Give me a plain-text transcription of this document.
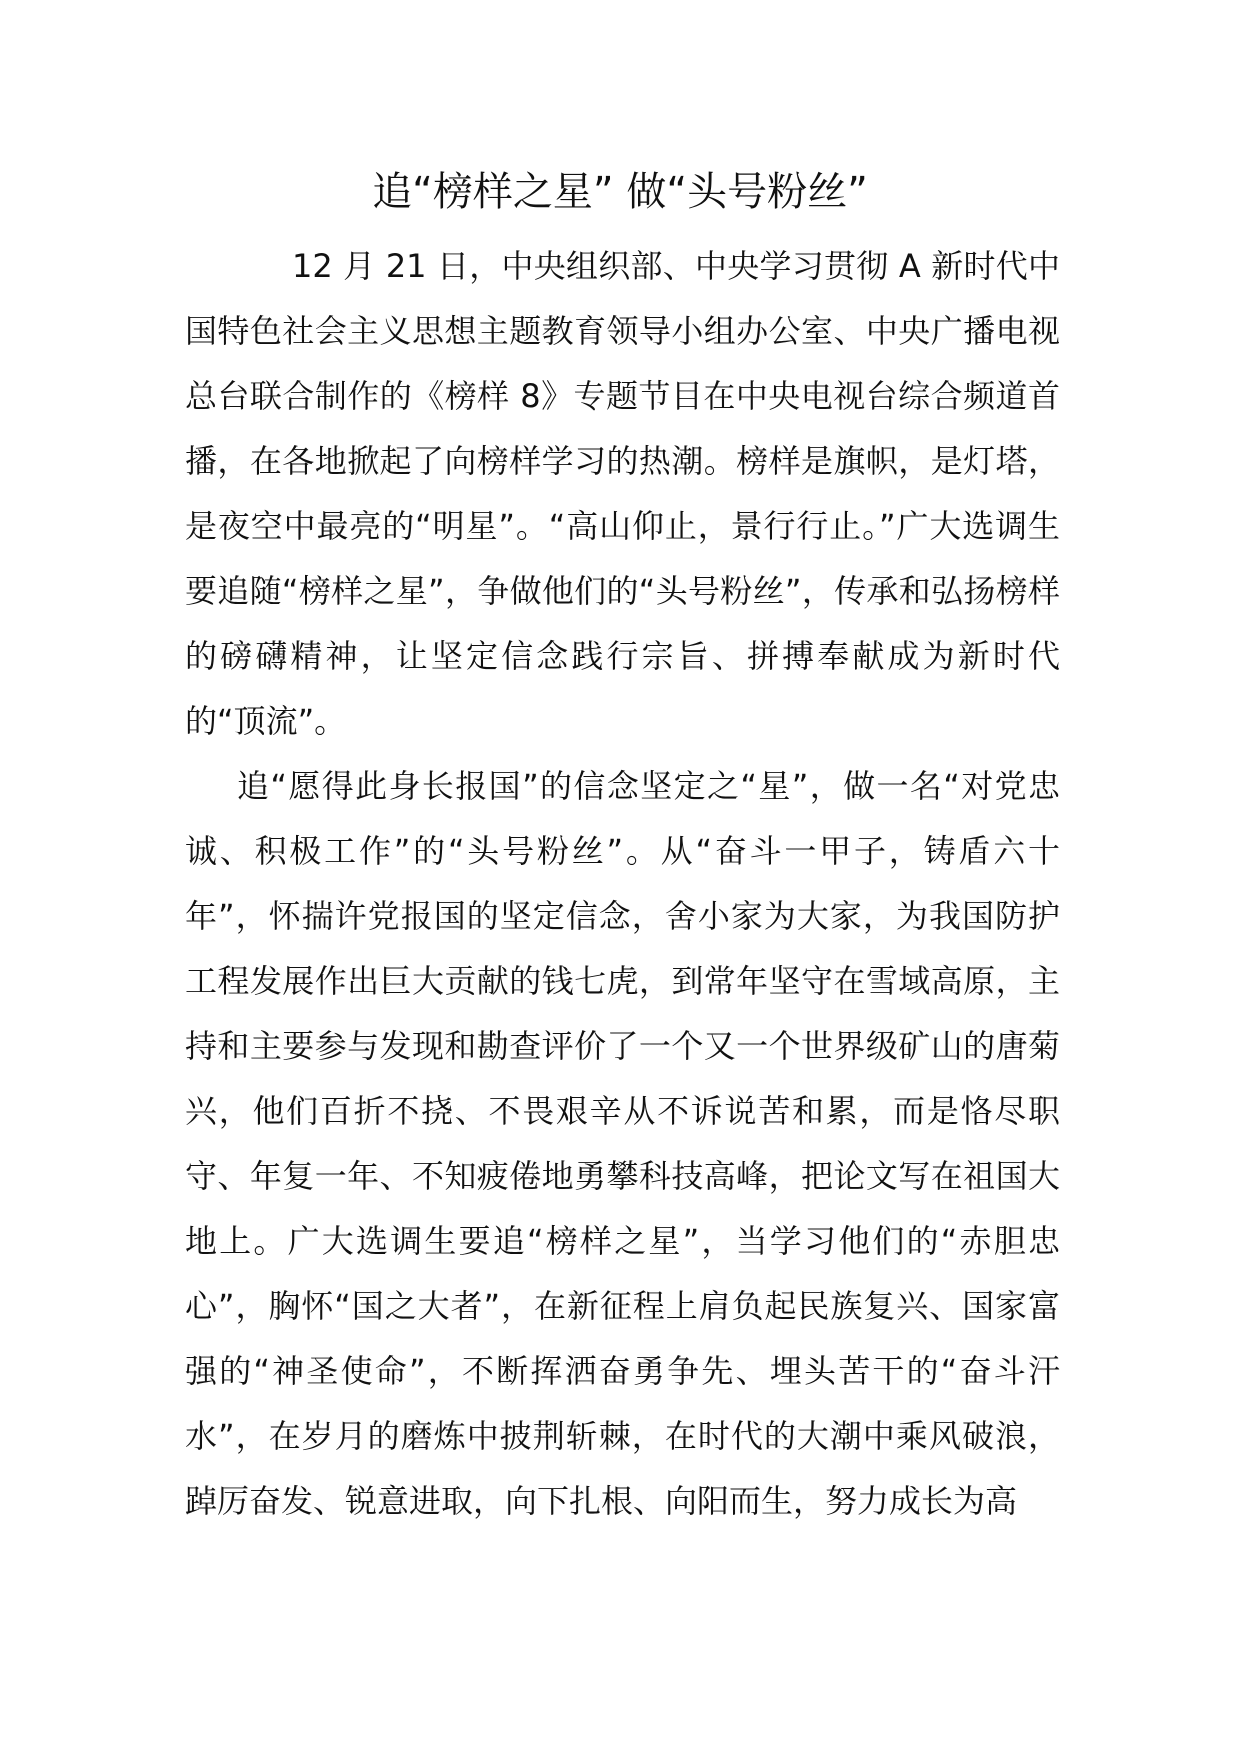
追“榜样之星” 做“头号粉丝”

12 月 21 日，中央组织部、中央学习贯彻 A 新时代中国特色社会主义思想主题教育领导小组办公室、中央广播电视总台联合制作的《榜样 8》专题节目在中央电视台综合频道首播，在各地掀起了向榜样学习的热潮。榜样是旗帜，是灯塔，是夜空中最亮的“明星”。“高山仰止，景行行止。”广大选调生要追随“榜样之星”，争做他们的“头号粉丝”，传承和弘扬榜样的磅礴精神，让坚定信念践行宗旨、拼搏奉献成为新时代的“顶流”。

追“愿得此身长报国”的信念坚定之“星”，做一名“对党忠诚、积极工作”的“头号粉丝”。从“奋斗一甲子，铸盾六十年”，怀揣许党报国的坚定信念，舍小家为大家，为我国防护工程发展作出巨大贡献的钱七虎，到常年坚守在雪域高原，主持和主要参与发现和勘查评价了一个又一个世界级矿山的唐菊兴，他们百折不挠、不畏艰辛从不诉说苦和累，而是恪尽职守、年复一年、不知疲倦地勇攀科技高峰，把论文写在祖国大地上。广大选调生要追“榜样之星”，当学习他们的“赤胆忠心”，胸怀“国之大者”，在新征程上肩负起民族复兴、国家富强的“神圣使命”，不断挥洒奋勇争先、埋头苦干的“奋斗汗水”，在岁月的磨炼中披荆斩棘，在时代的大潮中乘风破浪，踔厉奋发、锐意进取，向下扎根、向阳而生，努力成长为高
